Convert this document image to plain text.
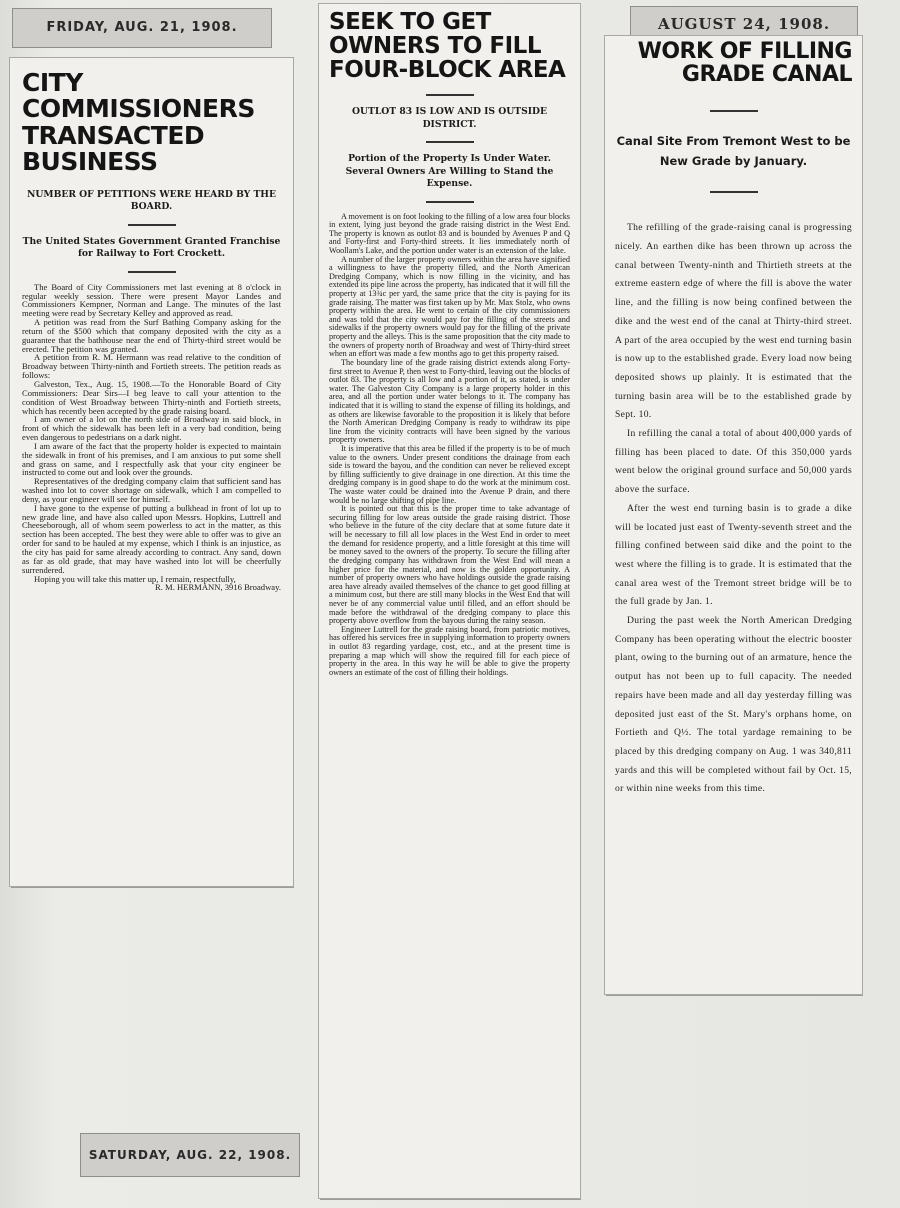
FRIDAY, AUG. 21, 1908.
CITY COMMISSIONERS TRANSACTED BUSINESS

NUMBER OF PETITIONS WERE HEARD BY THE BOARD.

The United States Government Granted Franchise for Railway to Fort Crockett.

The Board of City Commissioners met last evening at 8 o'clock in regular weekly session. There were present Mayor Landes and Commissioners Kempner, Norman and Lange. The minutes of the last meeting were read by Secretary Kelley and approved as read.

A petition was read from the Surf Bathing Company asking for the return of the $500 which that company deposited with the city as a guarantee that the bathhouse near the end of Thirty-third street would be erected. The petition was granted.

A petition from R. M. Hermann was read relative to the condition of Broadway between Thirty-ninth and Fortieth streets. The petition reads as follows:

Galveston, Tex., Aug. 15, 1908.—To the Honorable Board of City Commissioners: Dear Sirs—I beg leave to call your attention to the condition of West Broadway between Thirty-ninth and Fortieth streets, which has recently been accepted by the grade raising board.

I am owner of a lot on the north side of Broadway in said block, in front of which the sidewalk has been left in a very bad condition, being even dangerous to pedestrians on a dark night.

I am aware of the fact that the property holder is expected to maintain the sidewalk in front of his premises, and I am anxious to put some shell and grass on same, and I respectfully ask that your city engineer be instructed to come out and look over the grounds.

Representatives of the dredging company claim that sufficient sand has washed into lot to cover shortage on sidewalk, which I am compelled to deny, as your engineer will see for himself.

I have gone to the expense of putting a bulkhead in front of lot up to new grade line, and have also called upon Messrs. Hopkins, Luttrell and Cheeseborough, all of whom seem powerless to act in the matter, as this section has been accepted. The best they were able to offer was to give an order for sand to be hauled at my expense, which I think is an injustice, as the city has paid for same already according to contract. Any sand, down as far as old grade, that may have washed into lot will be cheerfully surrendered.

Hoping you will take this matter up, I remain, respectfully,

R. M. HERMANN, 3916 Broadway.

SATURDAY, AUG. 22, 1908.
SEEK TO GET OWNERS TO FILL FOUR-BLOCK AREA

OUTLOT 83 IS LOW AND IS OUTSIDE DISTRICT.

Portion of the Property Is Under Water. Several Owners Are Willing to Stand the Expense.

A movement is on foot looking to the filling of a low area four blocks in extent, lying just beyond the grade raising district in the West End. The property is known as outlot 83 and is bounded by Avenues P and Q and Forty-first and Forty-third streets. It lies immediately north of Woollam's Lake, and the portion under water is an extension of the lake.

A number of the larger property owners within the area have signified a willingness to have the property filled, and the North American Dredging Company, which is now filling in the vicinity, and has extended its pipe line across the property, has indicated that it will fill the property at 13¾c per yard, the same price that the city is paying for its grade raising. The matter was first taken up by Mr. Max Stolz, who owns property within the area. He went to certain of the city commissioners and was told that the city would pay for the filling of the streets and sidewalks if the property owners would pay for the filling of the private property and the alleys. This is the same proposition that the city made to the owners of property north of Broadway and west of Thirty-third street when an effort was made a few months ago to get this property raised.

The boundary line of the grade raising district extends along Forty-first street to Avenue P, then west to Forty-third, leaving out the blocks of outlot 83. The property is all low and a portion of it, as stated, is under water. The Galveston City Company is a large property holder in this area, and all the portion under water belongs to it. The company has indicated that it is willing to stand the expense of filling its holdings, and as others are likewise favorable to the proposition it is likely that before the North American Dredging Company is ready to withdraw its pipe line from the vicinity contracts will have been signed by the various property owners.

It is imperative that this area be filled if the property is to be of much value to the owners. Under present conditions the drainage from each side is toward the bayou, and the condition can never be relieved except by filling sufficiently to give drainage in one direction. At this time the dredging company is in good shape to do the work at the minimum cost. The waste water could be drained into the Avenue P drain, and there would be no large shifting of pipe line.

It is pointed out that this is the proper time to take advantage of securing filling for low areas outside the grade raising district. Those who believe in the future of the city declare that at some future date it will be necessary to fill all low places in the West End in order to meet the demand for residence property, and a little foresight at this time will be money saved to the owners of the property. To secure the filling after the dredging company has withdrawn from the West End will mean a higher price for the material, and now is the golden opportunity. A number of property owners who have holdings outside the grade raising area have already availed themselves of the chance to get good filling at a minimum cost, but there are still many blocks in the West End that will never be of any commercial value until filled, and an effort should be made before the withdrawal of the dredging company to place this property above overflow from the bayous during the rainy season.

Engineer Luttrell for the grade raising board, from patriotic motives, has offered his services free in supplying information to property owners in outlot 83 regarding yardage, cost, etc., and at the present time is preparing a map which will show the required fill for each piece of property in the area. In this way he will be able to give the property owners an estimate of the cost of filling their holdings.

AUGUST 24, 1908.
WORK OF FILLING GRADE CANAL

Canal Site From Tremont West to be New Grade by January.

The refilling of the grade-raising canal is progressing nicely. An earthen dike has been thrown up across the canal between Twenty-ninth and Thirtieth streets at the extreme eastern edge of where the fill is above the water line, and the filling is now being confined between the dike and the west end of the canal at Thirty-third street. A part of the area occupied by the west end turning basin is now up to the established grade. Every load now being deposited shows up plainly. It is estimated that the turning basin area will be to the established grade by Sept. 10.

In refilling the canal a total of about 400,000 yards of filling has been placed to date. Of this 350,000 yards went below the original ground surface and 50,000 yards above the surface.

After the west end turning basin is to grade a dike will be located just east of Twenty-seventh street and the filling confined between said dike and the point to the west where the filling is to grade. It is estimated that the canal area west of the Tremont street bridge will be to the full grade by Jan. 1.

During the past week the North American Dredging Company has been operating without the electric booster plant, owing to the burning out of an armature, hence the output has not been up to full capacity. The needed repairs have been made and all day yesterday filling was deposited just east of the St. Mary's orphans home, on Fortieth and Q½. The total yardage remaining to be placed by this dredging company on Aug. 1 was 340,811 yards and this will be completed without fail by Oct. 15, or within nine weeks from this time.
